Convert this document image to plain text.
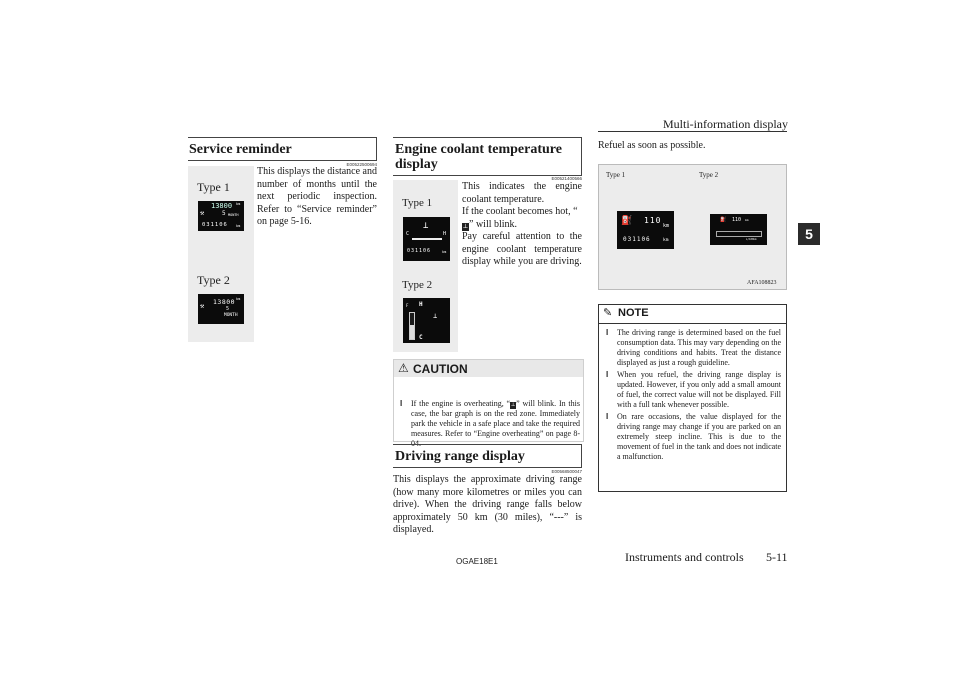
Multi-information display
5
Service reminder
E00522500694
Type 1
⚒
13800 km
5 MONTH
031106 km
Type 2
⚒ 13800 km
5
MONTH
This displays the distance and number of months until the next periodic inspection. Refer to “Service reminder” on page 5-16.
Engine coolant temperature
display
E00521400566
Type 1
C	H
⊥
031106	km
Type 2
F H
⊥
C
This indicates the engine coolant temperature.
If the coolant becomes hot, “⊥” will blink.
Pay careful attention to the engine coolant temperature display while you are driving.
⚠ CAUTION
l If the engine is overheating, “⊥” will blink. In this case, the bar graph is on the red zone. Immediately park the vehicle in a safe place and take the required measures. Refer to “Engine overheating” on page 8-04.
Driving range display
E00568500047
This displays the approximate driving range (how many more kilometres or miles you can drive). When the driving range falls below approximately 50 km (30 miles), “---” is displayed.
Refuel as soon as possible.
Type 1	Type 2
⛽ 110
km
031106	km
⛽ 110 km
L/100km
AFA108823
✎ NOTE
l The driving range is determined based on the fuel consumption data. This may vary depending on the driving conditions and habits. Treat the distance displayed as just a rough guideline.
l When you refuel, the driving range display is updated. However, if you only add a small amount of fuel, the correct value will not be displayed. Fill with a full tank whenever possible.
l On rare occasions, the value displayed for the driving range may change if you are parked on an extremely steep incline. This is due to the movement of fuel in the tank and does not indicate a malfunction.
OGAE18E1	Instruments and controls 5-11
